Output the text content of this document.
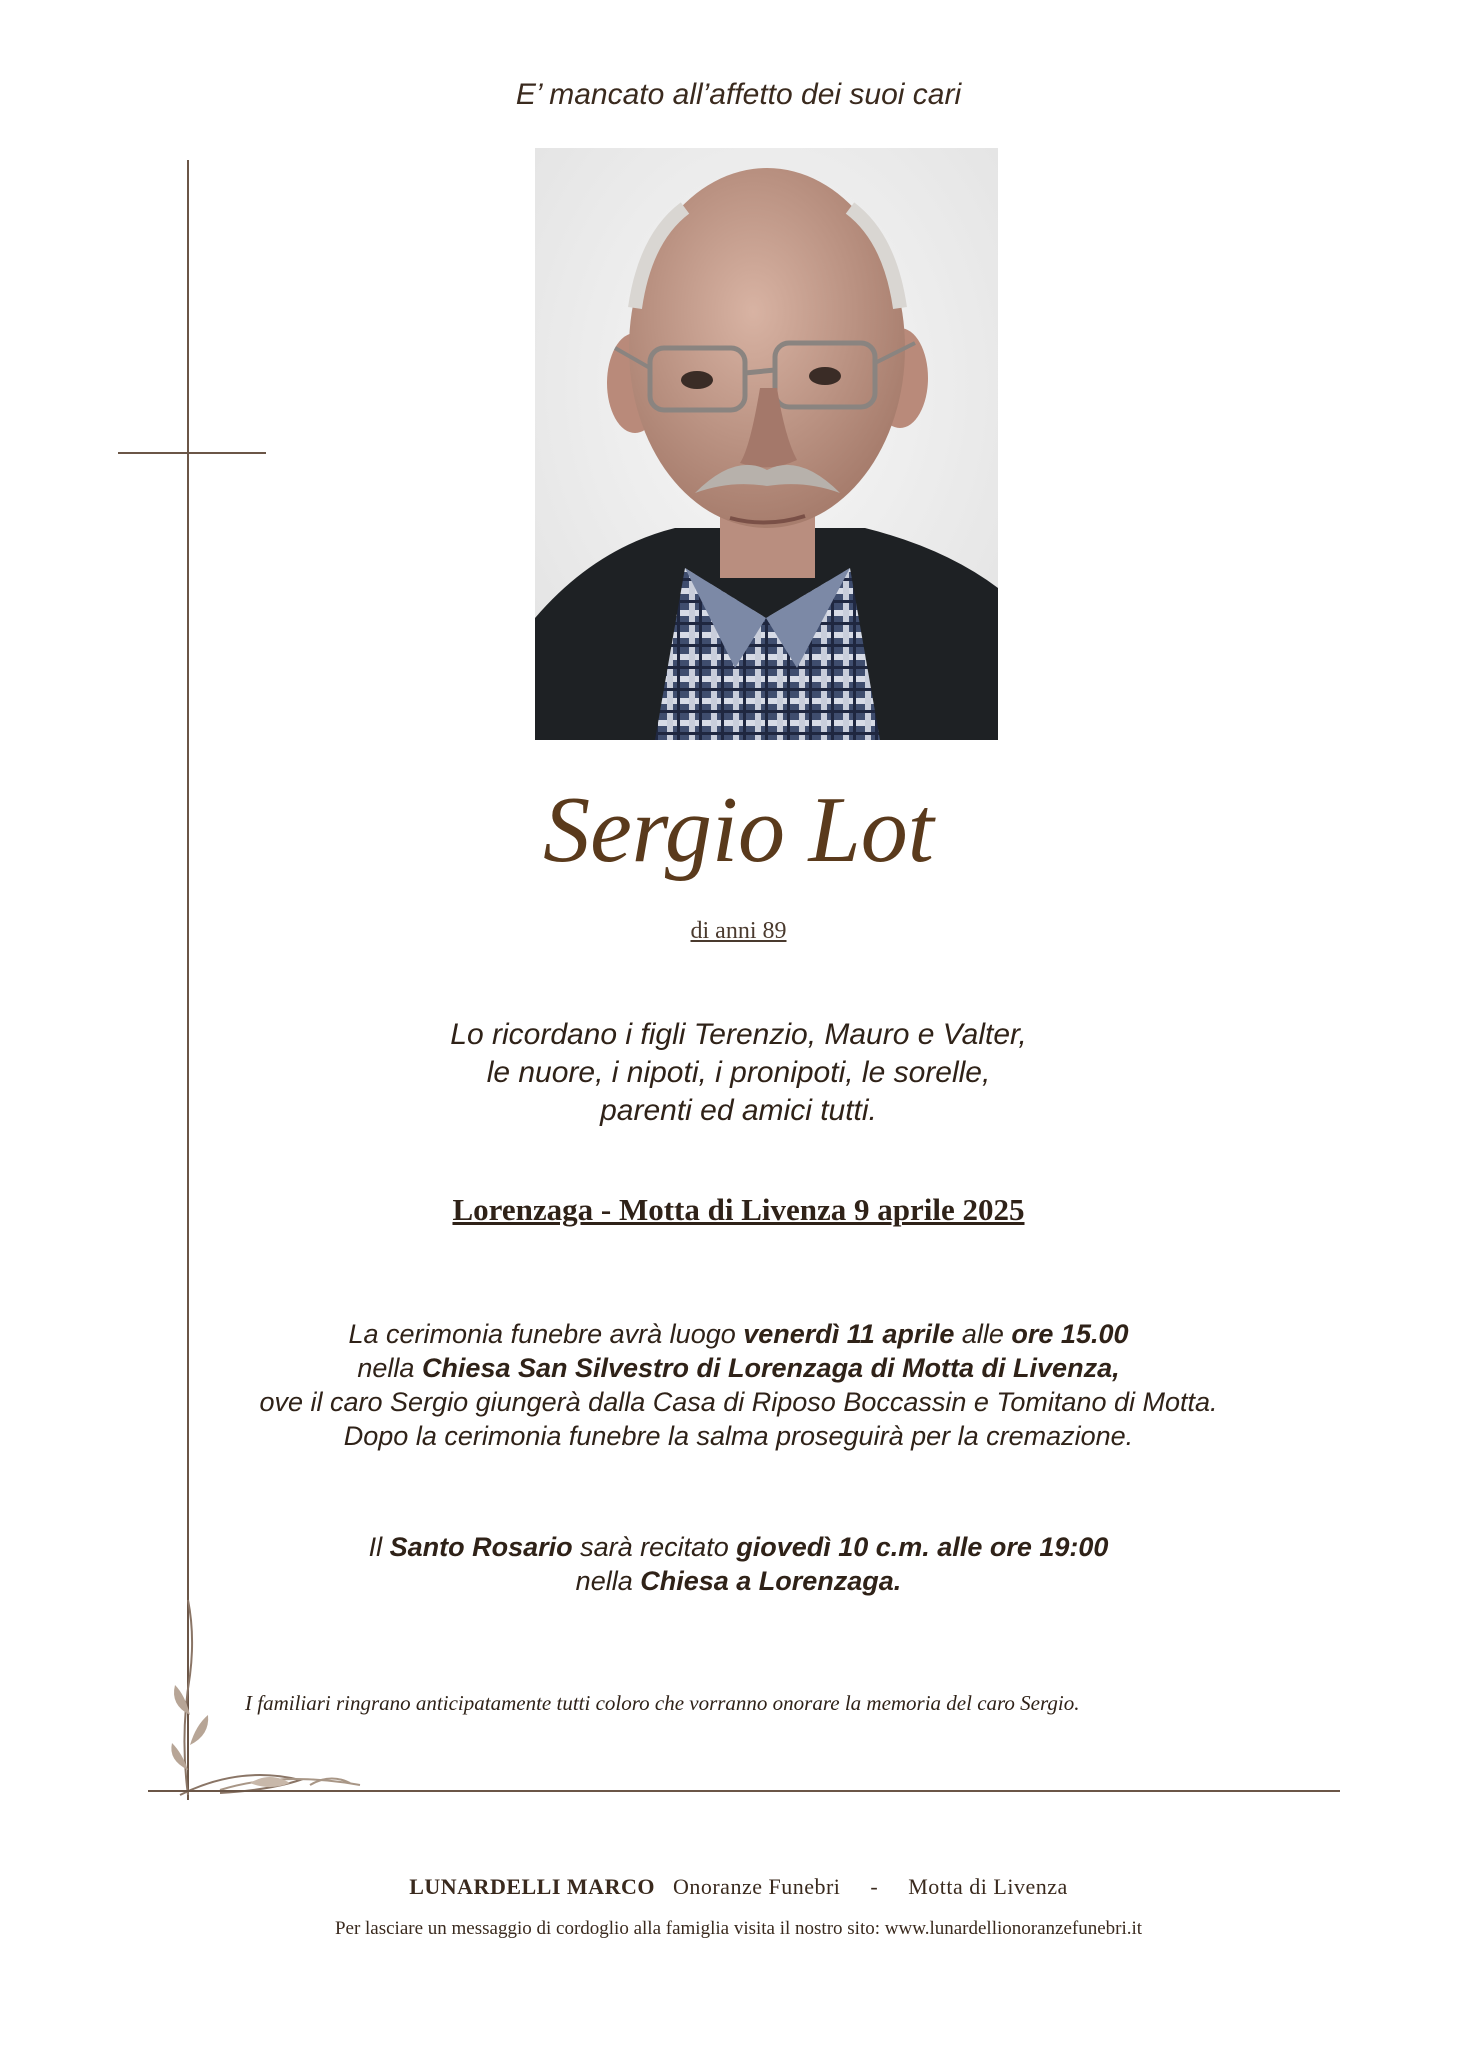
E’ mancato all’affetto dei suoi cari
Sergio Lot
di anni 89
Lo ricordano i figli Terenzio, Mauro e Valter,
le nuore, i nipoti, i pronipoti, le sorelle,
parenti ed amici tutti.
Lorenzaga - Motta di Livenza 9 aprile 2025
La cerimonia funebre avrà luogo venerdì 11 aprile alle ore 15.00
nella Chiesa San Silvestro di Lorenzaga di Motta di Livenza,
ove il caro Sergio giungerà dalla Casa di Riposo Boccassin e Tomitano di Motta.
Dopo la cerimonia funebre la salma proseguirà per la cremazione.
Il Santo Rosario sarà recitato giovedì 10 c.m. alle ore 19:00
nella Chiesa a Lorenzaga.
I familiari ringrano anticipatamente tutti coloro che vorranno onorare la memoria del caro Sergio.
LUNARDELLI MARCO Onoranze Funebri - Motta di Livenza
Per lasciare un messaggio di cordoglio alla famiglia visita il nostro sito: www.lunardellionoranzefunebri.it
